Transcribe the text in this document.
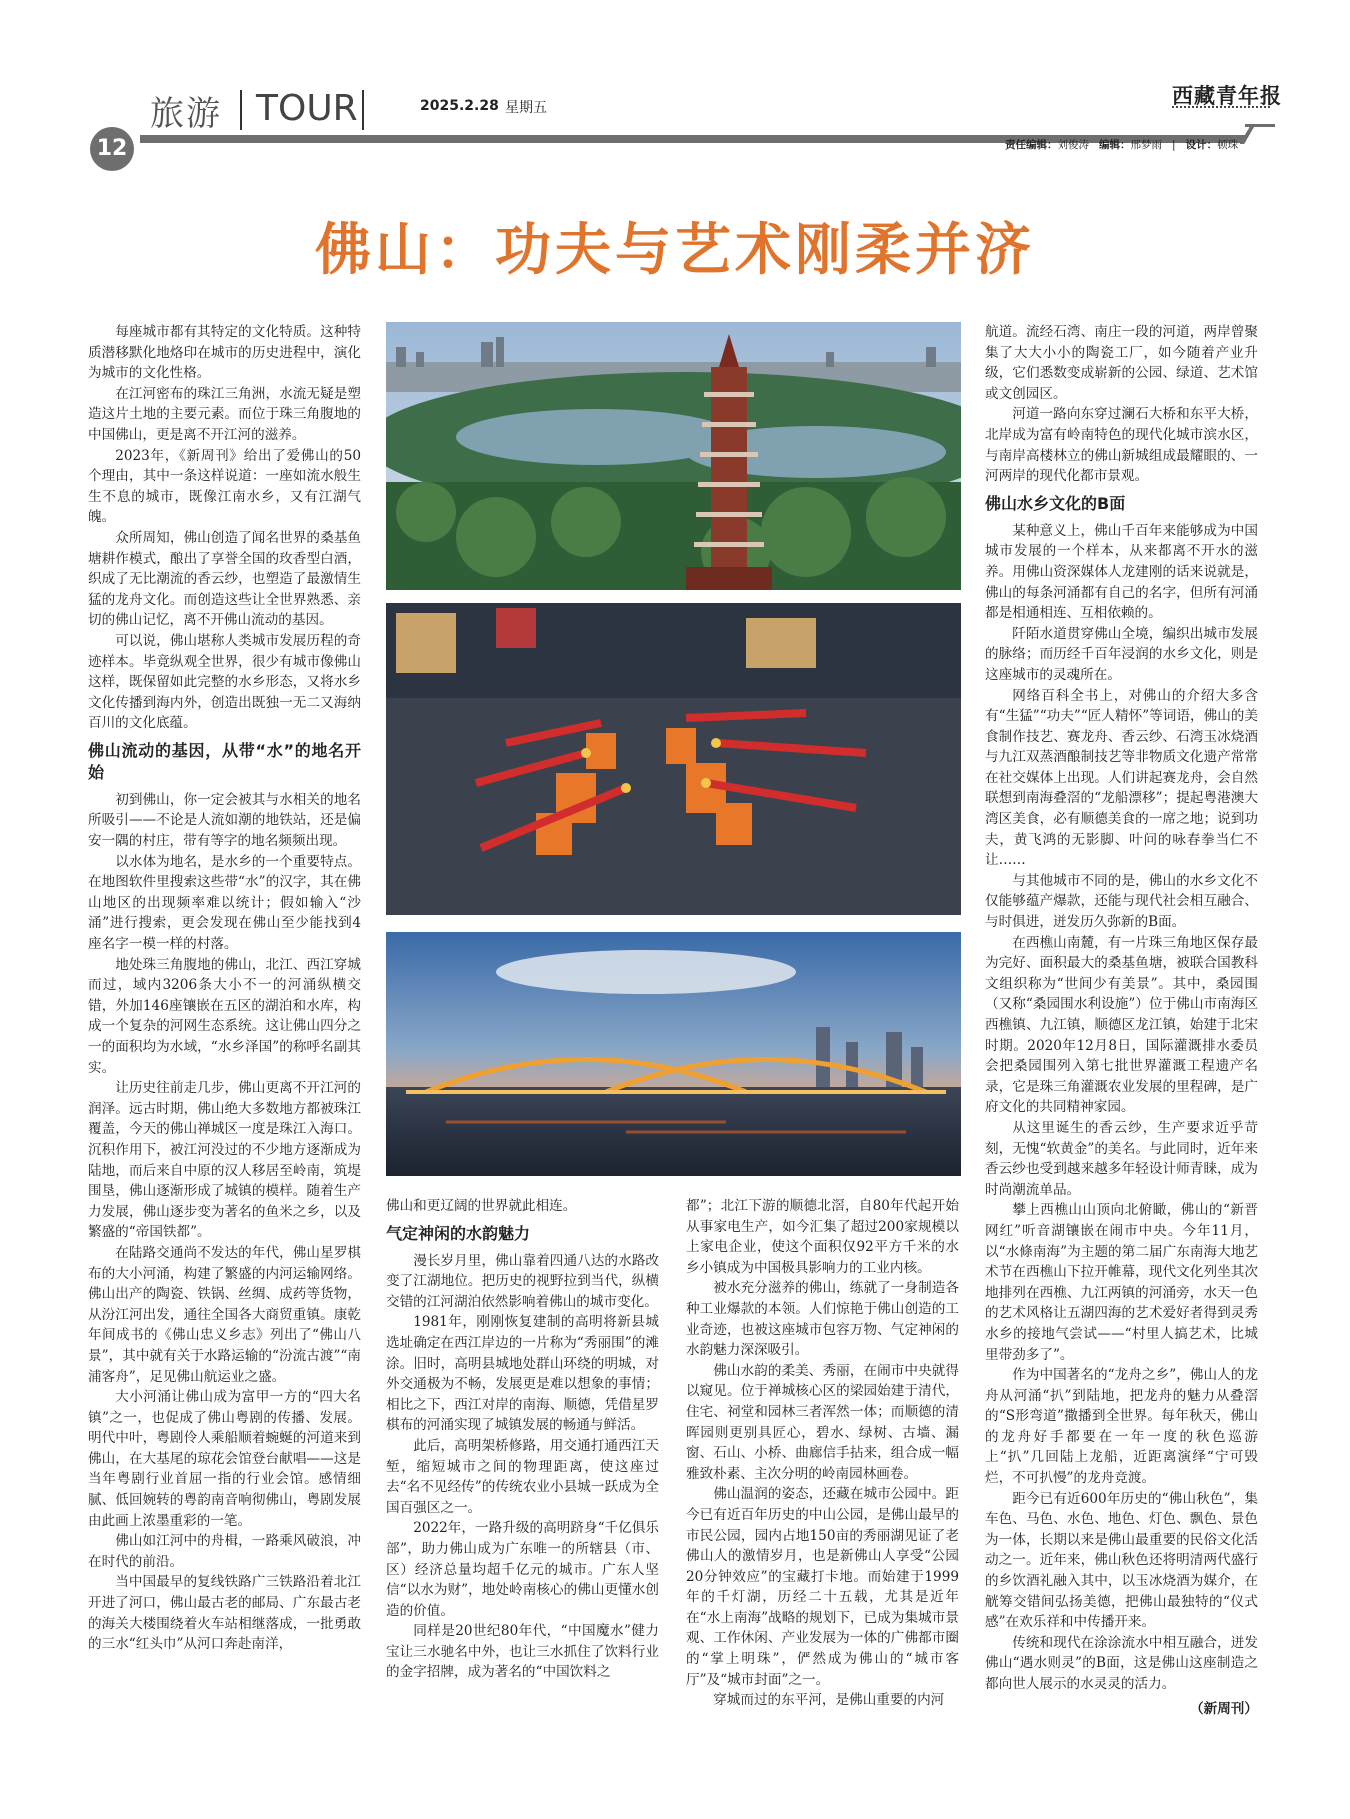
旅游 TOUR	2025.2.28 星期五	西藏青年报
12	责任编辑：刘俊涛 编辑：邢梦雨   |   设计：顿珠
佛山：功夫与艺术刚柔并济

每座城市都有其特定的文化特质。这种特质潜移默化地烙印在城市的历史进程中，演化为城市的文化性格。

在江河密布的珠江三角洲，水流无疑是塑造这片土地的主要元素。而位于珠三角腹地的中国佛山，更是离不开江河的滋养。

2023年，《新周刊》给出了爱佛山的50个理由，其中一条这样说道：一座如流水般生生不息的城市，既像江南水乡，又有江湖气魄。

众所周知，佛山创造了闻名世界的桑基鱼塘耕作模式，酿出了享誉全国的玫香型白酒，织成了无比潮流的香云纱，也塑造了最激情生猛的龙舟文化。而创造这些让全世界熟悉、亲切的佛山记忆，离不开佛山流动的基因。

可以说，佛山堪称人类城市发展历程的奇迹样本。毕竟纵观全世界，很少有城市像佛山这样，既保留如此完整的水乡形态，又将水乡文化传播到海内外，创造出既独一无二又海纳百川的文化底蕴。

佛山流动的基因，从带“水”的地名开始

初到佛山，你一定会被其与水相关的地名所吸引——不论是人流如潮的地铁站，还是偏安一隅的村庄，带有等字的地名频频出现。

以水体为地名，是水乡的一个重要特点。在地图软件里搜索这些带“水”的汉字，其在佛山地区的出现频率难以统计；假如输入“沙涌”进行搜索，更会发现在佛山至少能找到4座名字一模一样的村落。

地处珠三角腹地的佛山，北江、西江穿城而过，域内3206条大小不一的河涌纵横交错，外加146座镶嵌在五区的湖泊和水库，构成一个复杂的河网生态系统。这让佛山四分之一的面积均为水域，“水乡泽国”的称呼名副其实。

让历史往前走几步，佛山更离不开江河的润泽。远古时期，佛山绝大多数地方都被珠江覆盖，今天的佛山禅城区一度是珠江入海口。沉积作用下，被江河没过的不少地方逐渐成为陆地，而后来自中原的汉人移居至岭南，筑堤围垦，佛山逐渐形成了城镇的模样。随着生产力发展，佛山逐步变为著名的鱼米之乡，以及繁盛的“帝国铁都”。

在陆路交通尚不发达的年代，佛山星罗棋布的大小河涌，构建了繁盛的内河运输网络。佛山出产的陶瓷、铁锅、丝绸、成药等货物，从汾江河出发，通往全国各大商贸重镇。康乾年间成书的《佛山忠义乡志》列出了“佛山八景”，其中就有关于水路运输的“汾流古渡”“南浦客舟”，足见佛山航运业之盛。

大小河涌让佛山成为富甲一方的“四大名镇”之一，也促成了佛山粤剧的传播、发展。明代中叶，粤剧伶人乘船顺着蜿蜒的河道来到佛山，在大基尾的琼花会馆登台献唱——这是当年粤剧行业首屈一指的行业会馆。感情细腻、低回婉转的粤韵南音响彻佛山，粤剧发展由此画上浓墨重彩的一笔。

佛山如江河中的舟楫，一路乘风破浪，冲在时代的前沿。

当中国最早的复线铁路广三铁路沿着北江开进了河口，佛山最古老的邮局、广东最古老的海关大楼围绕着火车站相继落成，一批勇敢的三水“红头巾”从河口奔赴南洋，

佛山和更辽阔的世界就此相连。

气定神闲的水韵魅力

漫长岁月里，佛山靠着四通八达的水路改变了江湖地位。把历史的视野拉到当代，纵横交错的江河湖泊依然影响着佛山的城市变化。

1981年，刚刚恢复建制的高明将新县城选址确定在西江岸边的一片称为“秀丽围”的滩涂。旧时，高明县城地处群山环绕的明城，对外交通极为不畅，发展更是难以想象的事情；相比之下，西江对岸的南海、顺德，凭借星罗棋布的河涌实现了城镇发展的畅通与鲜活。

此后，高明架桥修路，用交通打通西江天堑，缩短城市之间的物理距离，使这座过去“名不见经传”的传统农业小县城一跃成为全国百强区之一。

2022年，一路升级的高明跻身“千亿俱乐部”，助力佛山成为广东唯一的所辖县（市、区）经济总量均超千亿元的城市。广东人坚信“以水为财”，地处岭南核心的佛山更懂水创造的价值。

同样是20世纪80年代，“中国魔水”健力宝让三水驰名中外，也让三水抓住了饮料行业的金字招牌，成为著名的“中国饮料之

都”；北江下游的顺德北滘，自80年代起开始从事家电生产，如今汇集了超过200家规模以上家电企业，使这个面积仅92平方千米的水乡小镇成为中国极具影响力的工业内核。

被水充分滋养的佛山，练就了一身制造各种工业爆款的本领。人们惊艳于佛山创造的工业奇迹，也被这座城市包容万物、气定神闲的水韵魅力深深吸引。

佛山水韵的柔美、秀丽，在闹市中央就得以窥见。位于禅城核心区的梁园始建于清代，住宅、祠堂和园林三者浑然一体；而顺德的清晖园则更别具匠心，碧水、绿树、古墙、漏窗、石山、小桥、曲廊信手拈来，组合成一幅雅致朴素、主次分明的岭南园林画卷。

佛山温润的姿态，还藏在城市公园中。距今已有近百年历史的中山公园，是佛山最早的市民公园，园内占地150亩的秀丽湖见证了老佛山人的激情岁月，也是新佛山人享受“公园20分钟效应”的宝藏打卡地。而始建于1999年的千灯湖，历经二十五载，尤其是近年在“水上南海”战略的规划下，已成为集城市景观、工作休闲、产业发展为一体的广佛都市圈的“掌上明珠”，俨然成为佛山的“城市客厅”及“城市封面”之一。

穿城而过的东平河，是佛山重要的内河

航道。流经石湾、南庄一段的河道，两岸曾聚集了大大小小的陶瓷工厂，如今随着产业升级，它们悉数变成崭新的公园、绿道、艺术馆或文创园区。

河道一路向东穿过澜石大桥和东平大桥，北岸成为富有岭南特色的现代化城市滨水区，与南岸高楼林立的佛山新城组成最耀眼的、一河两岸的现代化都市景观。

佛山水乡文化的B面

某种意义上，佛山千百年来能够成为中国城市发展的一个样本，从来都离不开水的滋养。用佛山资深媒体人龙建刚的话来说就是，佛山的每条河涌都有自己的名字，但所有河涌都是相通相连、互相依赖的。

阡陌水道贯穿佛山全境，编织出城市发展的脉络；而历经千百年浸润的水乡文化，则是这座城市的灵魂所在。

网络百科全书上，对佛山的介绍大多含有“生猛”“功夫”“匠人精怀”等词语，佛山的美食制作技艺、赛龙舟、香云纱、石湾玉冰烧酒与九江双蒸酒酿制技艺等非物质文化遗产常常在社交媒体上出现。人们讲起赛龙舟，会自然联想到南海叠滘的“龙船漂移”；提起粤港澳大湾区美食，必有顺德美食的一席之地；说到功夫，黄飞鸿的无影脚、叶问的咏春拳当仁不让……

与其他城市不同的是，佛山的水乡文化不仅能够蕴产爆款，还能与现代社会相互融合、与时俱进，迸发历久弥新的B面。

在西樵山南麓，有一片珠三角地区保存最为完好、面积最大的桑基鱼塘，被联合国教科文组织称为“世间少有美景”。其中，桑园围（又称“桑园围水利设施”）位于佛山市南海区西樵镇、九江镇，顺德区龙江镇，始建于北宋时期。2020年12月8日，国际灌溉排水委员会把桑园围列入第七批世界灌溉工程遗产名录，它是珠三角灌溉农业发展的里程碑，是广府文化的共同精神家园。

从这里诞生的香云纱，生产要求近乎苛刻，无愧“软黄金”的美名。与此同时，近年来香云纱也受到越来越多年轻设计师青睐，成为时尚潮流单品。

攀上西樵山山顶向北俯瞰，佛山的“新晋网红”听音湖镶嵌在闹市中央。今年11月，以“水條南海”为主题的第二届广东南海大地艺术节在西樵山下拉开帷幕，现代文化列坐其次地排列在西樵、九江两镇的河涌旁，水天一色的艺术风格让五湖四海的艺术爱好者得到灵秀水乡的接地气尝试——“村里人搞艺术，比城里带劲多了”。

作为中国著名的“龙舟之乡”，佛山人的龙舟从河涌“扒”到陆地，把龙舟的魅力从叠滘的“S形弯道”撒播到全世界。每年秋天，佛山的龙舟好手都要在一年一度的秋色巡游上“扒”几回陆上龙船，近距离演绎“宁可毁烂，不可扒慢”的龙舟竞渡。

距今已有近600年历史的“佛山秋色”，集车色、马色、水色、地色、灯色、飘色、景色为一体，长期以来是佛山最重要的民俗文化活动之一。近年来，佛山秋色还将明清两代盛行的乡饮酒礼融入其中，以玉冰烧酒为媒介，在觥筹交错间弘扬美德，把佛山最独特的“仪式感”在欢乐祥和中传播开来。

传统和现代在涂涂流水中相互融合，迸发佛山“遇水则灵”的B面，这是佛山这座制造之都向世人展示的水灵灵的活力。

（新周刊）
